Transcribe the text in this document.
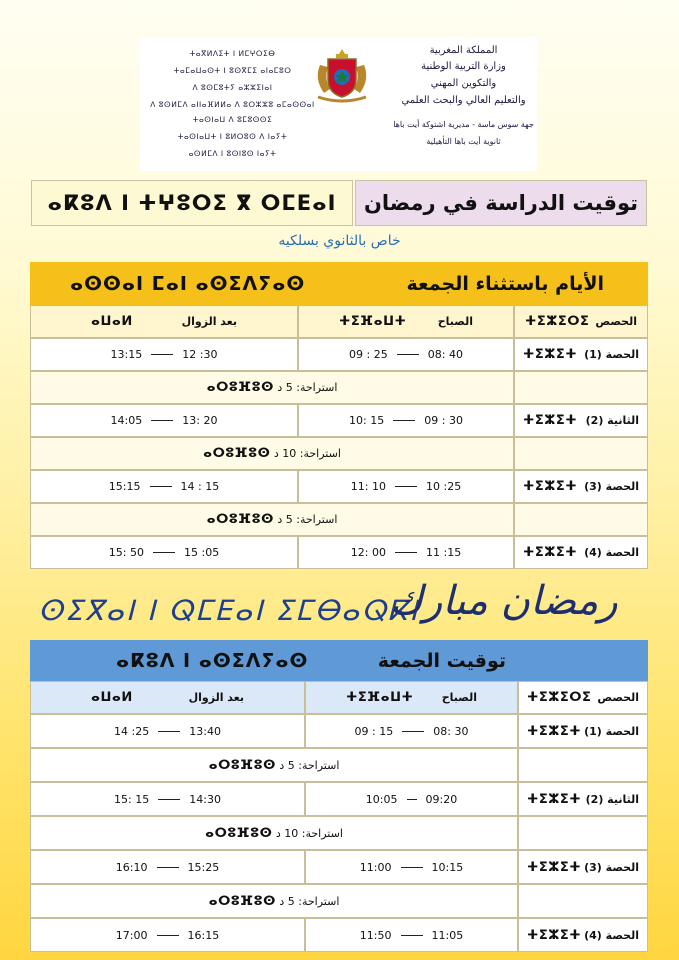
ⵜⴰⴳⵍⴷⵉⵜ ⵏ ⵍⵎⵖⵔⵉⴱ
ⵜⴰⵎⴰⵡⴰⵙⵜ ⵏ ⵓⵙⴳⵎⵉ ⴰⵏⴰⵎⵓⵔ
ⴷ ⵓⵙⵎⵓⵜⵢ ⴰⵣⵣⵉⵏⴰⵏ
ⴷ ⵓⵙⵍⵎⴷ ⴰⵏⵏⴰⴼⵍⵍⴰ ⴷ ⵓⵔⵣⵣⵓ ⴰⵎⴰⵙⵙⴰⵏ
ⵜⴰⵙⵏⴰⵡ ⴷ ⵓⵎⵓⵙⵙⵉ
ⵜⴰⵙⵏⴰⵡⵜ ⵏ ⵓⵍⵔⵓⵙ ⴷ ⵏⴰⵢⵜ
ⴰⵙⵍⵎⴷ ⵏ ⵓⵙⵏⵓⵙ ⵏⴰⵢⵜ
المملكة المغربية
وزارة التربية الوطنية
والتكوين المهني
والتعليم العالي والبحث العلمي
جهة سوس ماسة - مديرية اشتوكة أيت باها
ثانوية أيت باها التأهيلية
ⴰⴽⵓⴷ ⵏ ⵜⵖⵓⵔⵉ ⴳ ⵔⵎⴹⴰⵏ	توقيت الدراسة في رمضان
خاص بالثانوي بسلكيه
ⴰⵙⵙⴰⵏ ⵎⴰⵏ ⴰⵙⵉⴷⵢⴰⵙ	الأيام باستثناء الجمعة
ⴰⵡⴰⵍ	بعد الزوال	ⵜⵉⴼⴰⵡⵜ	الصباح	ⵜⵉⵣⵉⵔⵉ الحصص
13:15	12 :30	09 : 25	08: 40	ⵜⵉⵣⵉⵜ الحصة (1)
ⴰⵔⵓⴼⵓⵙ
استراحة: 5 د
14:05	13: 20	10: 15	09 : 30	ⵜⵉⵣⵉⵜ الثانية (2)
ⴰⵔⵓⴼⵓⵙ
استراحة: 10 د
15:15	14 : 15	11: 10	10 :25	ⵜⵉⵣⵉⵜ الحصة (3)
ⴰⵔⵓⴼⵓⵙ
استراحة: 5 د
15: 50	15 :05	12: 00	11 :15	ⵜⵉⵣⵉⵜ الحصة (4)
ⵙⵉⴳⴰⵏ ⵏ ⵕⵎⴹⴰⵏ ⵉⵎⴱⴰⵕⴽⵏ
رمضان مبارك
ⴰⴽⵓⴷ ⵏ ⴰⵙⵉⴷⵢⴰⵙ	توقيت الجمعة
ⴰⵡⴰⵍ	بعد الزوال	ⵜⵉⴼⴰⵡⵜ	الصباح	ⵜⵉⵣⵉⵔⵉ الحصص
14 :25	13:40	09 : 15	08: 30	ⵜⵉⵣⵉⵜ الحصة (1)
ⴰⵔⵓⴼⵓⵙ
استراحة: 5 د
15: 15	14:30	10:05	09:20	ⵜⵉⵣⵉⵜ الثانية (2)
ⴰⵔⵓⴼⵓⵙ
استراحة: 10 د
16:10	15:25	11:00	10:15	ⵜⵉⵣⵉⵜ الحصة (3)
ⴰⵔⵓⴼⵓⵙ
استراحة: 5 د
17:00	16:15	11:50	11:05	ⵜⵉⵣⵉⵜ الحصة (4)
